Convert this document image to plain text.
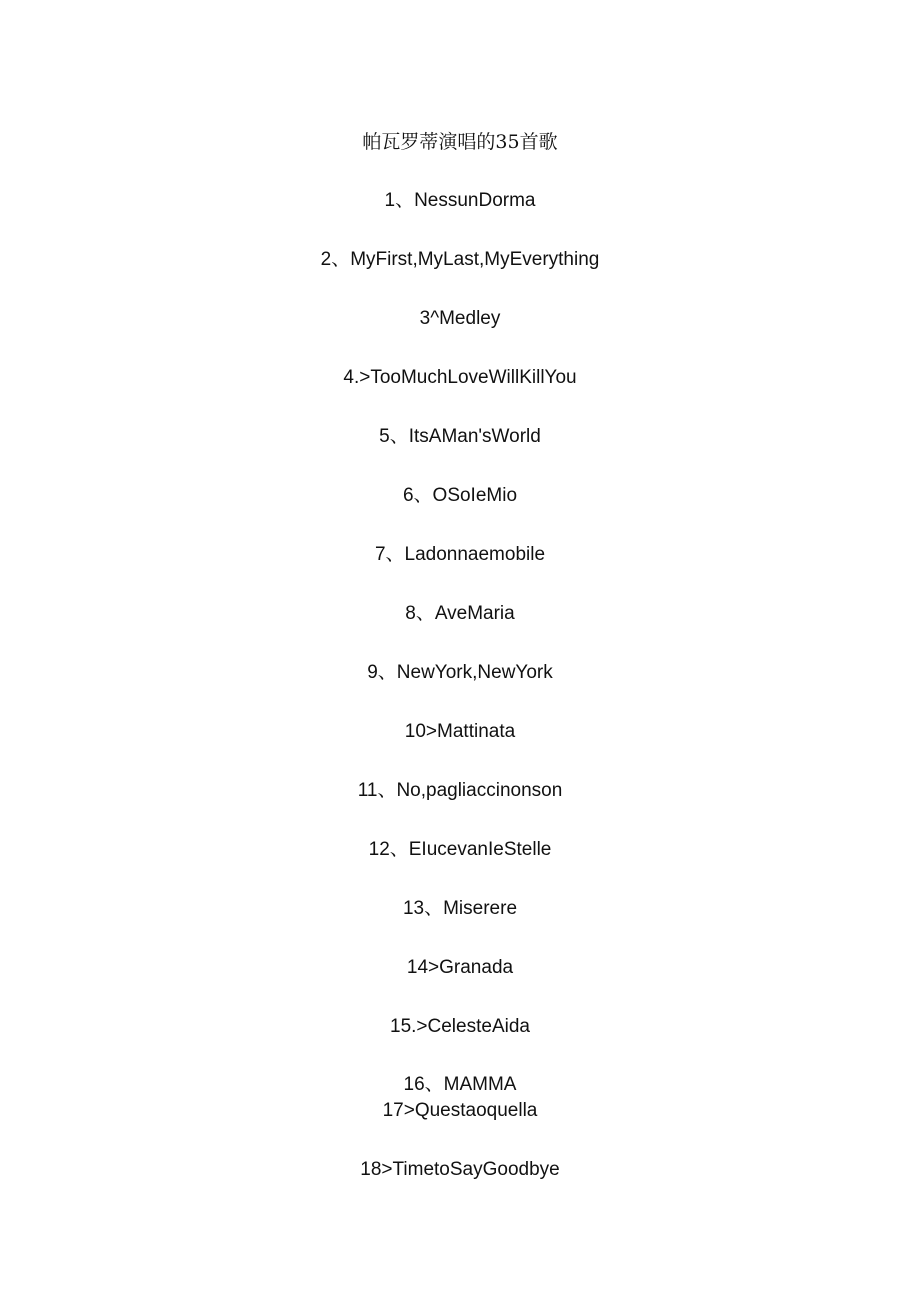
帕瓦罗蒂演唱的35首歌
1、NessunDorma
2、MyFirst,MyLast,MyEverything
3^Medley
4.>TooMuchLoveWillKillYou
5、ItsAMan'sWorld
6、OSoIeMio
7、Ladonnaemobile
8、AveMaria
9、NewYork,NewYork
10>Mattinata
11、No,pagliaccinonson
12、EIucevanIeStelle
13、Miserere
14>Granada
15.>CelesteAida
16、MAMMA
17>Questaoquella
18>TimetoSayGoodbye
